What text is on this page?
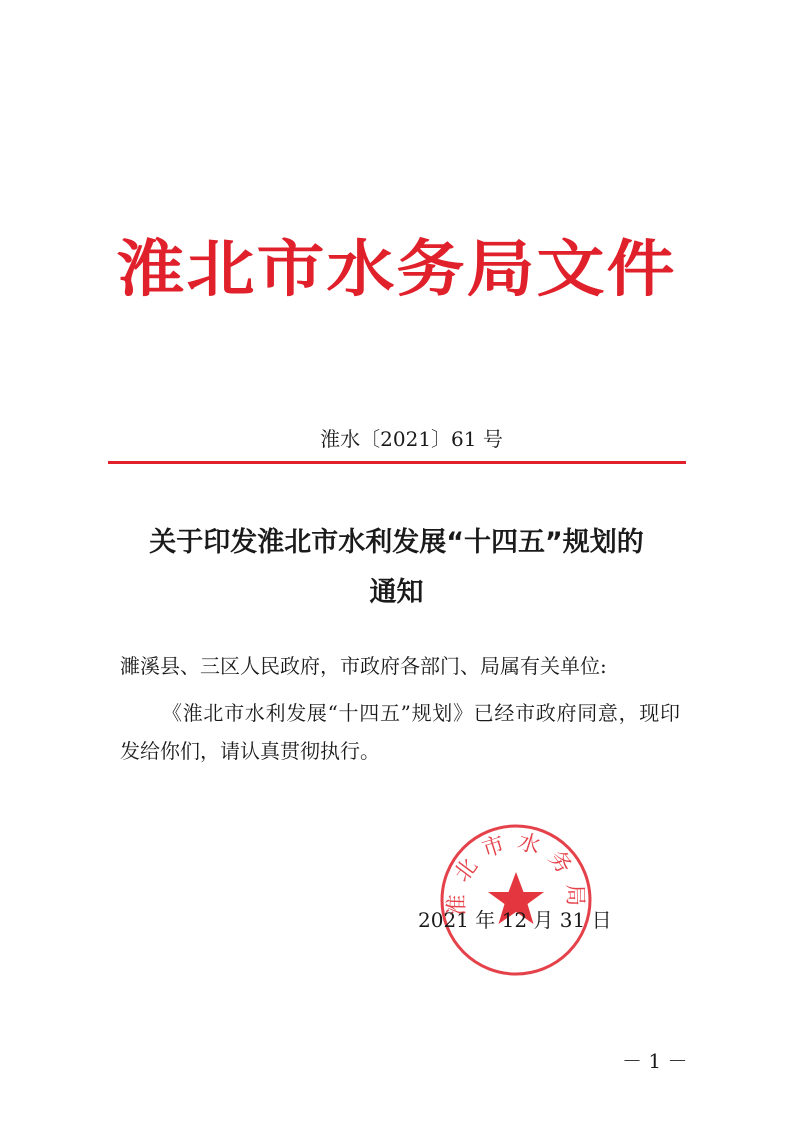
淮北市水务局文件
淮水〔2021〕61 号
关于印发淮北市水利发展“十四五”规划的
通知
濉溪县、三区人民政府，市政府各部门、局属有关单位:
《淮北市水利发展“十四五”规划》已经市政府同意，现印发给你们，请认真贯彻执行。
淮北市水务局
2021 年 12 月 31 日
－ 1 －
